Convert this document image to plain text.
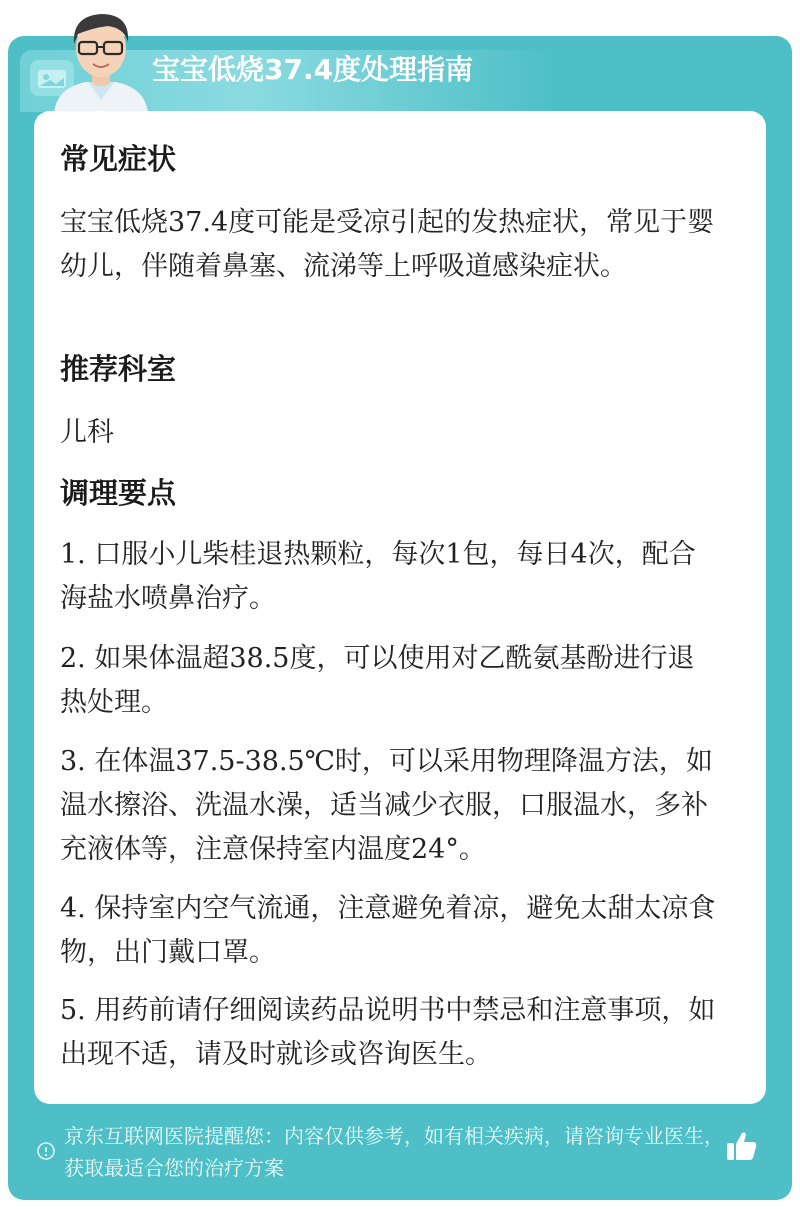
宝宝低烧37.4度处理指南
常见症状

宝宝低烧37.4度可能是受凉引起的发热症状，常见于婴幼儿，伴随着鼻塞、流涕等上呼吸道感染症状。

推荐科室

儿科

调理要点

1. 口服小儿柴桂退热颗粒，每次1包，每日4次，配合海盐水喷鼻治疗。

2. 如果体温超38.5度，可以使用对乙酰氨基酚进行退热处理。

3. 在体温37.5-38.5℃时，可以采用物理降温方法，如温水擦浴、洗温水澡，适当减少衣服，口服温水，多补充液体等，注意保持室内温度24°。

4. 保持室内空气流通，注意避免着凉，避免太甜太凉食物，出门戴口罩。

5. 用药前请仔细阅读药品说明书中禁忌和注意事项，如出现不适，请及时就诊或咨询医生。

京东互联网医院提醒您：内容仅供参考，如有相关疾病，请咨询专业医生，获取最适合您的治疗方案
